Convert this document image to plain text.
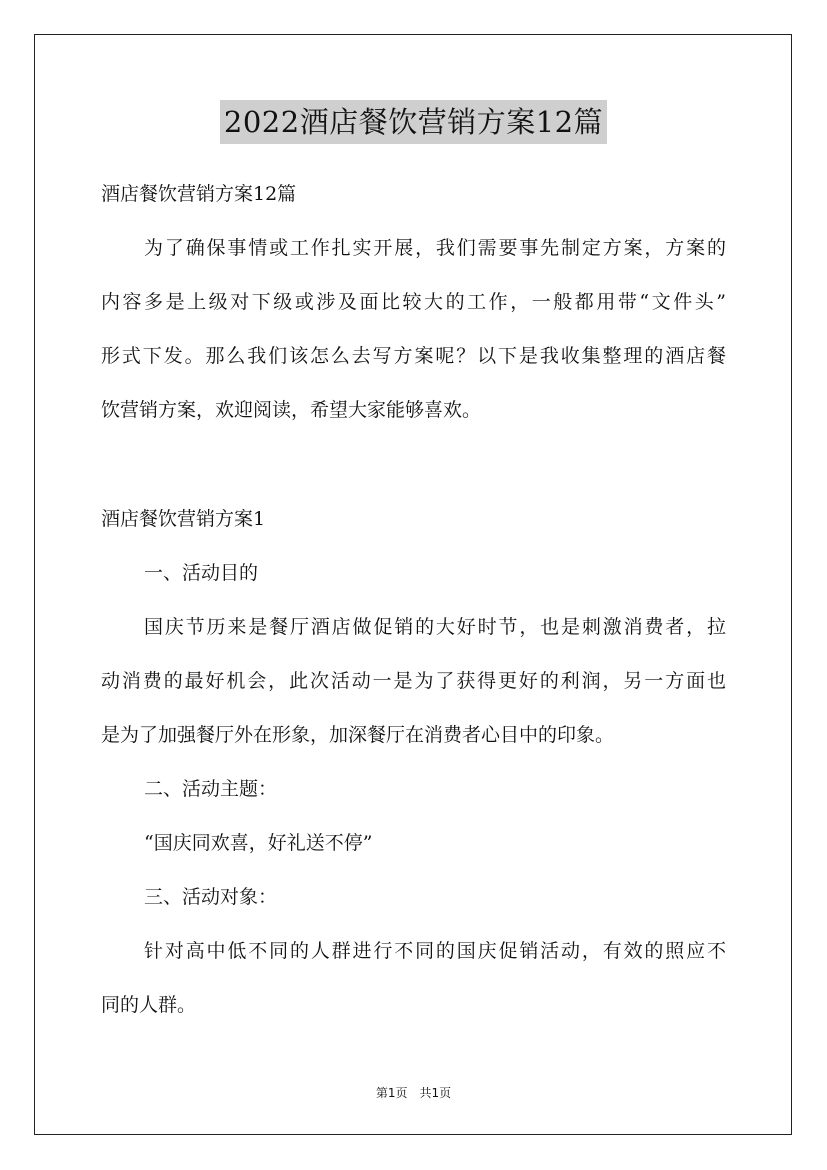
2022酒店餐饮营销方案12篇
酒店餐饮营销方案12篇
为了确保事情或工作扎实开展，我们需要事先制定方案，方案的
内容多是上级对下级或涉及面比较大的工作，一般都用带“文件头”
形式下发。那么我们该怎么去写方案呢？以下是我收集整理的酒店餐
饮营销方案，欢迎阅读，希望大家能够喜欢。
酒店餐饮营销方案1
一、活动目的
国庆节历来是餐厅酒店做促销的大好时节，也是刺激消费者，拉
动消费的最好机会，此次活动一是为了获得更好的利润，另一方面也
是为了加强餐厅外在形象，加深餐厅在消费者心目中的印象。
二、活动主题：
“国庆同欢喜，好礼送不停”
三、活动对象：
针对高中低不同的人群进行不同的国庆促销活动，有效的照应不
同的人群。
第1页　共1页
